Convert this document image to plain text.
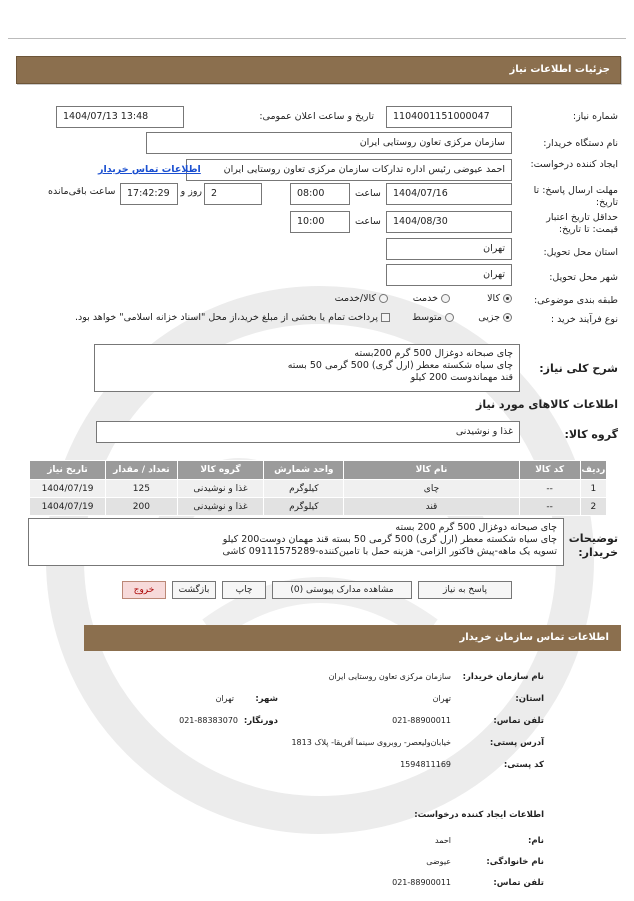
جزئیات اطلاعات نیاز
شماره نیاز:
1104001151000047
تاریخ و ساعت اعلان عمومی:
1404/07/13 13:48
نام دستگاه خریدار:
سازمان مرکزی تعاون روستایی ایران
ایجاد کننده درخواست:
احمد عیوضی رئیس اداره تدارکات سازمان مرکزی تعاون روستایی ایران
اطلاعات تماس خریدار
مهلت ارسال پاسخ: تا تاریخ:
1404/07/16
ساعت
08:00
2
روز و
17:42:29
ساعت باقی‌مانده
حداقل تاریخ اعتبار قیمت: تا تاریخ:
1404/08/30
ساعت
10:00
استان محل تحویل:
تهران
شهر محل تحویل:
تهران
طبقه بندی موضوعی:
کالا
خدمت
کالا/خدمت
نوع فرآیند خرید :
جزیی
متوسط
پرداخت تمام یا بخشی از مبلغ خرید،از محل "اسناد خزانه اسلامی" خواهد بود.
شرح کلی نیاز:
چای صبحانه دوغزال 500 گرم 200بسته
چای سیاه شکسته معطر (ارل گری) 500 گرمی 50 بسته
قند مهماندوست 200 کیلو
اطلاعات کالاهای مورد نیاز
گروه کالا:
غذا و نوشیدنی
ردیف	کد کالا	نام کالا	واحد شمارش	گروه کالا	تعداد / مقدار	تاریخ نیاز
1	--	چای	کیلوگرم	غذا و نوشیدنی	125	1404/07/19
2	--	قند	کیلوگرم	غذا و نوشیدنی	200	1404/07/19
توضیحات خریدار:
چای صبحانه دوغزال 500 گرم 200 بسته
چای سیاه شکسته معطر (ارل گری) 500 گرمی 50 بسته قند مهمان دوست200 کیلو
تسویه یک ماهه-پیش فاکتور الزامی- هزینه حمل با تامین‌کننده-09111575289 کاشی
پاسخ به نیاز
مشاهده مدارک پیوستی (0)
چاپ
بازگشت
خروج
اطلاعات تماس سازمان خریدار
نام سازمان خریدار:
سازمان مرکزی تعاون روستایی ایران
استان:
تهران
شهر:
تهران
تلفن تماس:
021-88900011
دورنگار:
021-88383070
آدرس پستی:
خیابان‌ولیعصر- روبروی سینما آفریقا- پلاک 1813
کد پستی:
1594811169
اطلاعات ایجاد کننده درخواست:
نام:
احمد
نام خانوادگی:
عیوضی
تلفن تماس:
021-88900011
